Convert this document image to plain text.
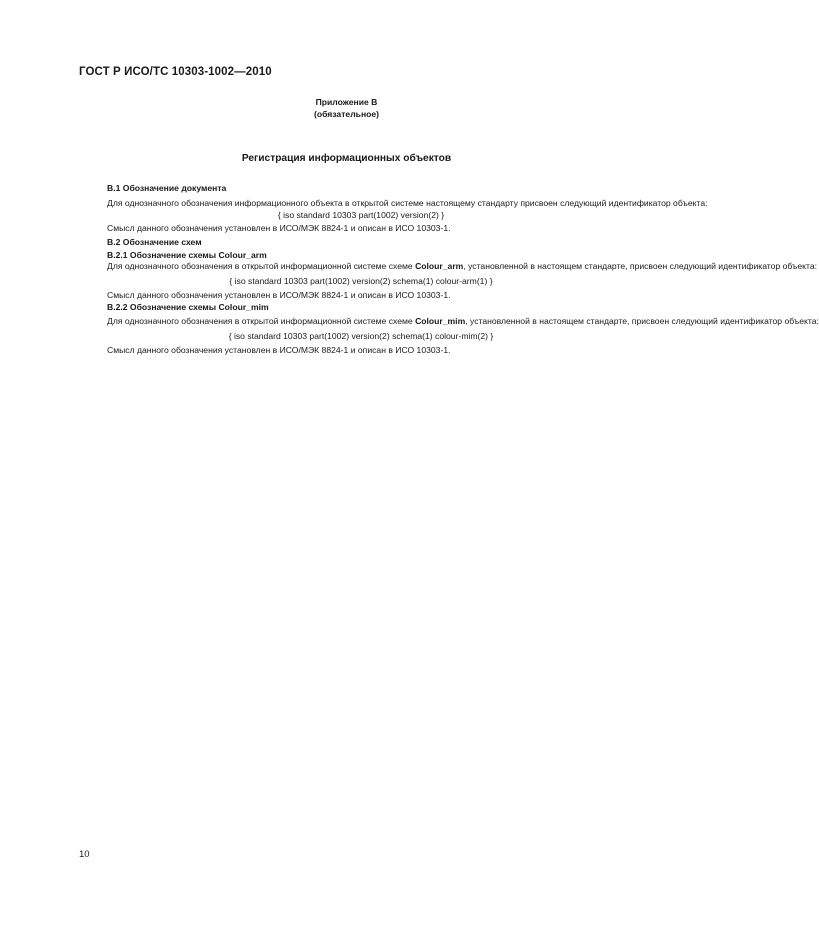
ГОСТ Р ИСО/ТС 10303-1002—2010
Приложение В
(обязательное)
Регистрация информационных объектов
В.1 Обозначение документа
Для однозначного обозначения информационного объекта в открытой системе настоящему стандарту присвоен следующий идентификатор объекта:
{ iso standard 10303 part(1002) version(2) }
Смысл данного обозначения установлен в ИСО/МЭК 8824-1 и описан в ИСО 10303-1.
В.2 Обозначение схем
В.2.1 Обозначение схемы Colour_arm
Для однозначного обозначения в открытой информационной системе схеме Colour_arm, установленной в настоящем стандарте, присвоен следующий идентификатор объекта:
{ iso standard 10303 part(1002) version(2) schema(1) colour-arm(1) }
Смысл данного обозначения установлен в ИСО/МЭК 8824-1 и описан в ИСО 10303-1.
В.2.2 Обозначение схемы Colour_mim
Для однозначного обозначения в открытой информационной системе схеме Colour_mim, установленной в настоящем стандарте, присвоен следующий идентификатор объекта:
{ iso standard 10303 part(1002) version(2) schema(1) colour-mim(2) }
Смысл данного обозначения установлен в ИСО/МЭК 8824-1 и описан в ИСО 10303-1.
10
